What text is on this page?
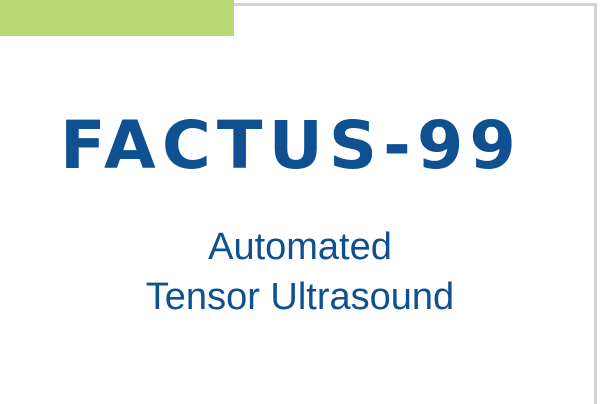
FACTUS-99
Automated
Tensor Ultrasound
